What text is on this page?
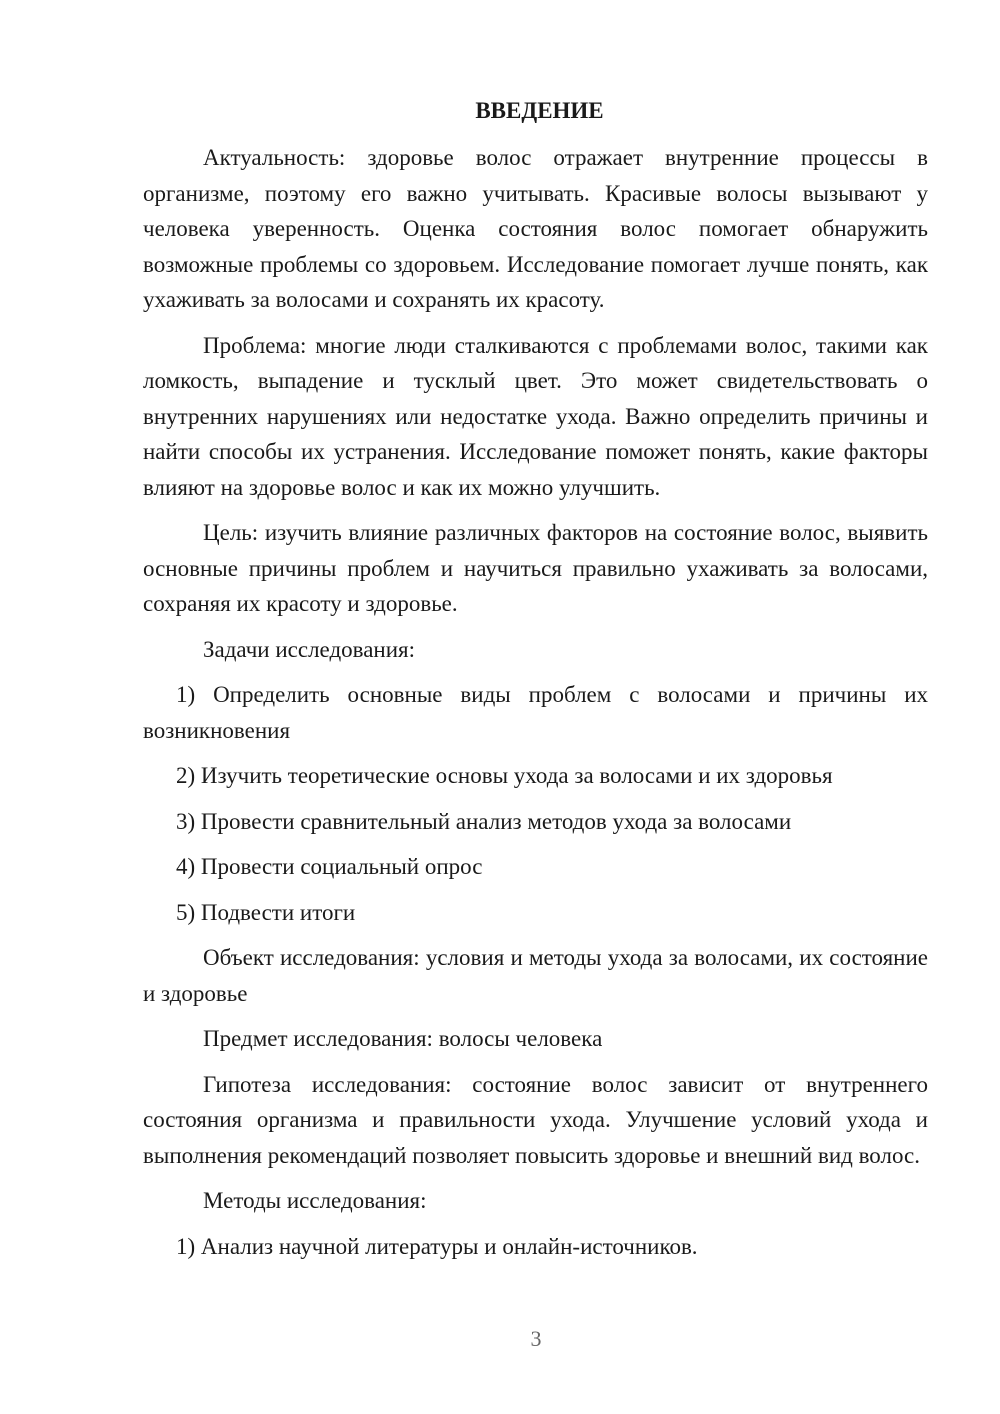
ВВЕДЕНИЕ

Актуальность: здоровье волос отражает внутренние процессы в организме, поэтому его важно учитывать. Красивые волосы вызывают у человека уверенность. Оценка состояния волос помогает обнаружить возможные проблемы со здоровьем. Исследование помогает лучше понять, как ухаживать за волосами и сохранять их красоту.

Проблема: многие люди сталкиваются с проблемами волос, такими как ломкость, выпадение и тусклый цвет. Это может свидетельствовать о внутренних нарушениях или недостатке ухода. Важно определить причины и найти способы их устранения. Исследование поможет понять, какие факторы влияют на здоровье волос и как их можно улучшить.

Цель: изучить влияние различных факторов на состояние волос, выявить основные причины проблем и научиться правильно ухаживать за волосами, сохраняя их красоту и здоровье.

Задачи исследования:

1) Определить основные виды проблем с волосами и причины их возникновения

2) Изучить теоретические основы ухода за волосами и их здоровья

3) Провести сравнительный анализ методов ухода за волосами

4) Провести социальный опрос

5) Подвести итоги

Объект исследования: условия и методы ухода за волосами, их состояние и здоровье

Предмет исследования: волосы человека

Гипотеза исследования: состояние волос зависит от внутреннего состояния организма и правильности ухода. Улучшение условий ухода и выполнения рекомендаций позволяет повысить здоровье и внешний вид волос.

Методы исследования:

1) Анализ научной литературы и онлайн-источников.

3
